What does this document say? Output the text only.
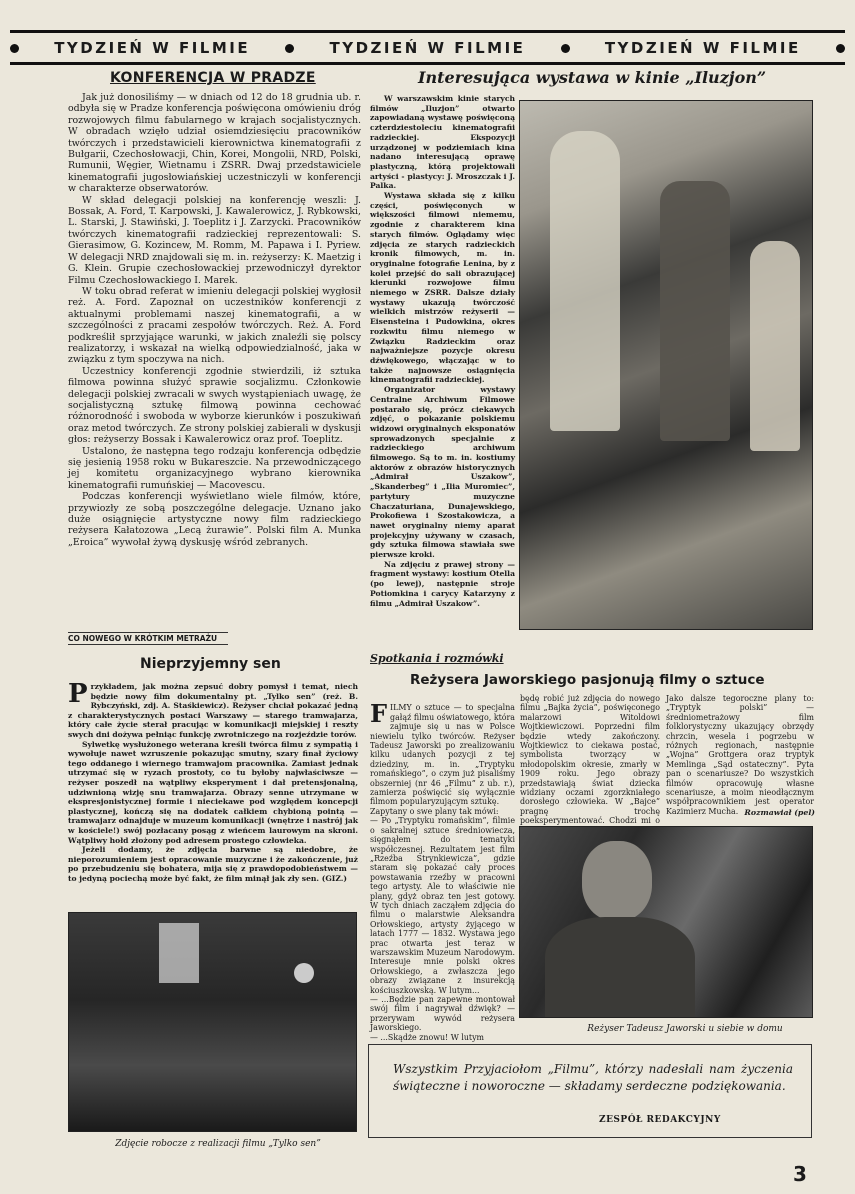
TYDZIEŃ W FILMIE	TYDZIEŃ W FILMIE	TYDZIEŃ W FILMIE
KONFERENCJA W PRADZE

Jak już donosiliśmy — w dniach od 12 do 18 grudnia ub. r. odbyła się w Pradze konferencja poświęcona omówieniu dróg rozwojowych filmu fabularnego w krajach socjalistycznych. W obradach wzięło udział osiemdziesięciu pracowników twórczych i przedstawicieli kierownictwa kinematografii z Bułgarii, Czechosłowacji, Chin, Korei, Mongolii, NRD, Polski, Rumunii, Węgier, Wietnamu i ZSRR. Dwaj przedstawiciele kinematografii jugosłowiańskiej uczestniczyli w konferencji w charakterze obserwatorów.

W skład delegacji polskiej na konferencję weszli: J. Bossak, A. Ford, T. Karpowski, J. Kawalerowicz, J. Rybkowski, L. Starski, J. Stawiński, J. Toeplitz i J. Zarzycki. Pracowników twórczych kinematografii radzieckiej reprezentowali: S. Gierasimow, G. Kozincew, M. Romm, M. Papawa i I. Pyriew. W delegacji NRD znajdowali się m. in. reżyserzy: K. Maetzig i G. Klein. Grupie czechosłowackiej przewodniczył dyrektor Filmu Czechosłowackiego I. Marek.

W toku obrad referat w imieniu delegacji polskiej wygłosił reż. A. Ford. Zapoznał on uczestników konferencji z aktualnymi problemami naszej kinematografii, a w szczególności z pracami zespołów twórczych. Reż. A. Ford podkreślił sprzyjające warunki, w jakich znaleźli się polscy realizatorzy, i wskazał na wielką odpowiedzialność, jaka w związku z tym spoczywa na nich.

Uczestnicy konferencji zgodnie stwierdzili, iż sztuka filmowa powinna służyć sprawie socjalizmu. Członkowie delegacji polskiej zwracali w swych wystąpieniach uwagę, że socjalistyczną sztukę filmową powinna cechować różnorodność i swoboda w wyborze kierunków i poszukiwań oraz metod twórczych. Ze strony polskiej zabierali w dyskusji głos: reżyserzy Bossak i Kawalerowicz oraz prof. Toeplitz.

Ustalono, że następna tego rodzaju konferencja odbędzie się jesienią 1958 roku w Bukareszcie. Na przewodniczącego jej komitetu organizacyjnego wybrano kierownika kinematografii rumuńskiej — Macovescu.

Podczas konferencji wyświetlano wiele filmów, które, przywiozły ze sobą poszczególne delegacje. Uznano jako duże osiągnięcie artystyczne nowy film radzieckiego reżysera Kałatozowa „Lecą żurawie”. Polski film A. Munka „Eroica” wywołał żywą dyskusję wśród zebranych.

Interesująca wystawa w kinie „Iluzjon”

W warszawskim kinie starych filmów „Iluzjon” otwarto zapowiadaną wystawę poświęconą czterdziestoleciu kinematografii radzieckiej. Ekspozycji urządzonej w podziemiach kina nadano interesującą oprawę plastyczną, którą projektowali artyści - plastycy: J. Mroszczak i J. Palka.

Wystawa składa się z kilku części, poświęconych w większości filmowi niememu, zgodnie z charakterem kina starych filmów. Oglądamy więc zdjęcia ze starych radzieckich kronik filmowych, m. in. oryginalne fotografie Lenina, by z kolei przejść do sali obrazującej kierunki rozwojowe filmu niemego w ZSRR. Dalsze działy wystawy ukazują twórczość wielkich mistrzów reżyserii — Eisensteina i Pudowkina, okres rozkwitu filmu niemego w Związku Radzieckim oraz najważniejsze pozycje okresu dźwiękowego, włączając w to także najnowsze osiągnięcia kinematografii radzieckiej.

Organizator wystawy Centralne Archiwum Filmowe postarało się, prócz ciekawych zdjęć, o pokazanie polskiemu widzowi oryginalnych eksponatów sprowadzonych specjalnie z radzieckiego archiwum filmowego. Są to m. in. kostiumy aktorów z obrazów historycznych „Admirał Uszakow”, „Skanderbeg” i „Ilia Muromiec”, partytury muzyczne Chaczaturiana, Dunajewskiego, Prokofiewa i Szostakowicza, a nawet oryginalny niemy aparat projekcyjny używany w czasach, gdy sztuka filmowa stawiała swe pierwsze kroki.

Na zdjęciu z prawej strony — fragment wystawy: kostium Otella (po lewej), następnie stroje Potiomkina i carycy Katarzyny z filmu „Admirał Uszakow”.

CO NOWEGO W KRÓTKIM METRAŻU
Nieprzyjemny sen
P rzykładem, jak można zepsuć dobry pomysł i temat, niech będzie nowy film dokumentalny pt. „Tylko sen” (reż. B. Rybczyński, zdj. A. Staśkiewicz). Reżyser chciał pokazać jedną z charakterystycznych postaci Warszawy — starego tramwajarza, który całe życie sterał pracując w komunikacji miejskiej i reszty swych dni dożywa pełniąc funkcję zwrotniczego na rozjeździe torów.

Sylwetkę wysłużonego weterana kreśli twórca filmu z sympatią i wywołuje nawet wzruszenie pokazując smutny, szary finał życiowy tego oddanego i wiernego tramwajom pracownika. Zamiast jednak utrzymać się w ryzach prostoty, co tu byłoby najwłaściwsze — reżyser poszedł na wątpliwy eksperyment i dał pretensjonalną, udziwnioną wizję snu tramwajarza. Obrazy senne utrzymane w ekspresjonistycznej formie i nieciekawe pod względem koncepcji plastycznej, kończą się na dodatek całkiem chybioną pointą — tramwajarz odnajduje w muzeum komunikacji (wnętrze i nastrój jak w kościele!) swój pozłacany posąg z wieńcem laurowym na skroni. Wątpliwy hołd złożony pod adresem prostego człowieka.

Jeżeli dodamy, że zdjęcia barwne są niedobre, że nieporozumieniem jest opracowanie muzyczne i że zakończenie, już po przebudzeniu się bohatera, mija się z prawdopodobieństwem — to jedyną pociechą może być fakt, że film minął jak zły sen. (GIZ.)

Zdjęcie robocze z realizacji filmu „Tylko sen”
Spotkania i rozmówki
Reżysera Jaworskiego pasjonują filmy o sztuce

FILMY o sztuce — to specjalna gałąź filmu oświatowego, która zajmuje się u nas w Polsce niewielu tylko twórców. Reżyser Tadeusz Jaworski po zrealizowaniu kilku udanych pozycji z tej dziedziny, m. in. „Tryptyku romańskiego”, o czym już pisaliśmy obszerniej (nr 46 „Filmu” z ub. r.), zamierza poświęcić się wyłącznie filmom popularyzującym sztukę.
Zapytany o swe plany tak mówi:
— Po „Tryptyku romańskim”, filmie o sakralnej sztuce średniowiecza, sięgnąłem do tematyki współczesnej. Rezultatem jest film „Rzeźba Strynkiewicza”, gdzie staram się pokazać cały proces powstawania rzeźby w pracowni tego artysty. Ale to właściwie nie plany, gdyż obraz ten jest gotowy. W tych dniach zacząłem zdjęcia do filmu o malarstwie Aleksandra Orłowskiego, artysty żyjącego w latach 1777 — 1832. Wystawa jego prac otwarta jest teraz w warszawskim Muzeum Narodowym. Interesuje mnie polski okres Orłowskiego, a zwłaszcza jego obrazy związane z insurekcją kościuszkowską. W lutym...
— ...Będzie pan zapewne montował swój film i nagrywał dźwięk? — przerywam wywód reżysera Jaworskiego.
— ...Skądże znowu! W lutym

będę robić już zdjęcia do nowego filmu „Bajka życia”, poświęconego malarzowi Witoldowi Wojtkiewiczowi. Poprzedni film będzie wtedy zakończony. Wojtkiewicz to ciekawa postać, symbolista tworzący w młodopolskim okresie, zmarły w 1909 roku. Jego obrazy przedstawiają świat dziecka widziany oczami zgorzkniałego dorosłego człowieka. W „Bajce” pragnę trochę poeksperymentować. Chodzi mi o
Jako dalsze tegoroczne plany to: „Tryptyk polski” — średniometrażowy film folklorystyczny ukazujący obrzędy chrzcin, wesela i pogrzebu w różnych regionach, następnie „Wojna” Grottgera oraz tryptyk Memlinga „Sąd ostateczny”. Pyta pan o scenariusze? Do wszystkich filmów opracowuję własne scenariusze, a moim nieodłącznym współpracownikiem jest operator Kazimierz Mucha. Rozmawiał (pel)
Reżyser Tadeusz Jaworski u siebie w domu
Wszystkim Przyjaciołom „Filmu”, którzy nadesłali nam życzenia świąteczne i noworoczne — składamy serdeczne podziękowania.
ZESPÓŁ REDAKCYJNY
3
